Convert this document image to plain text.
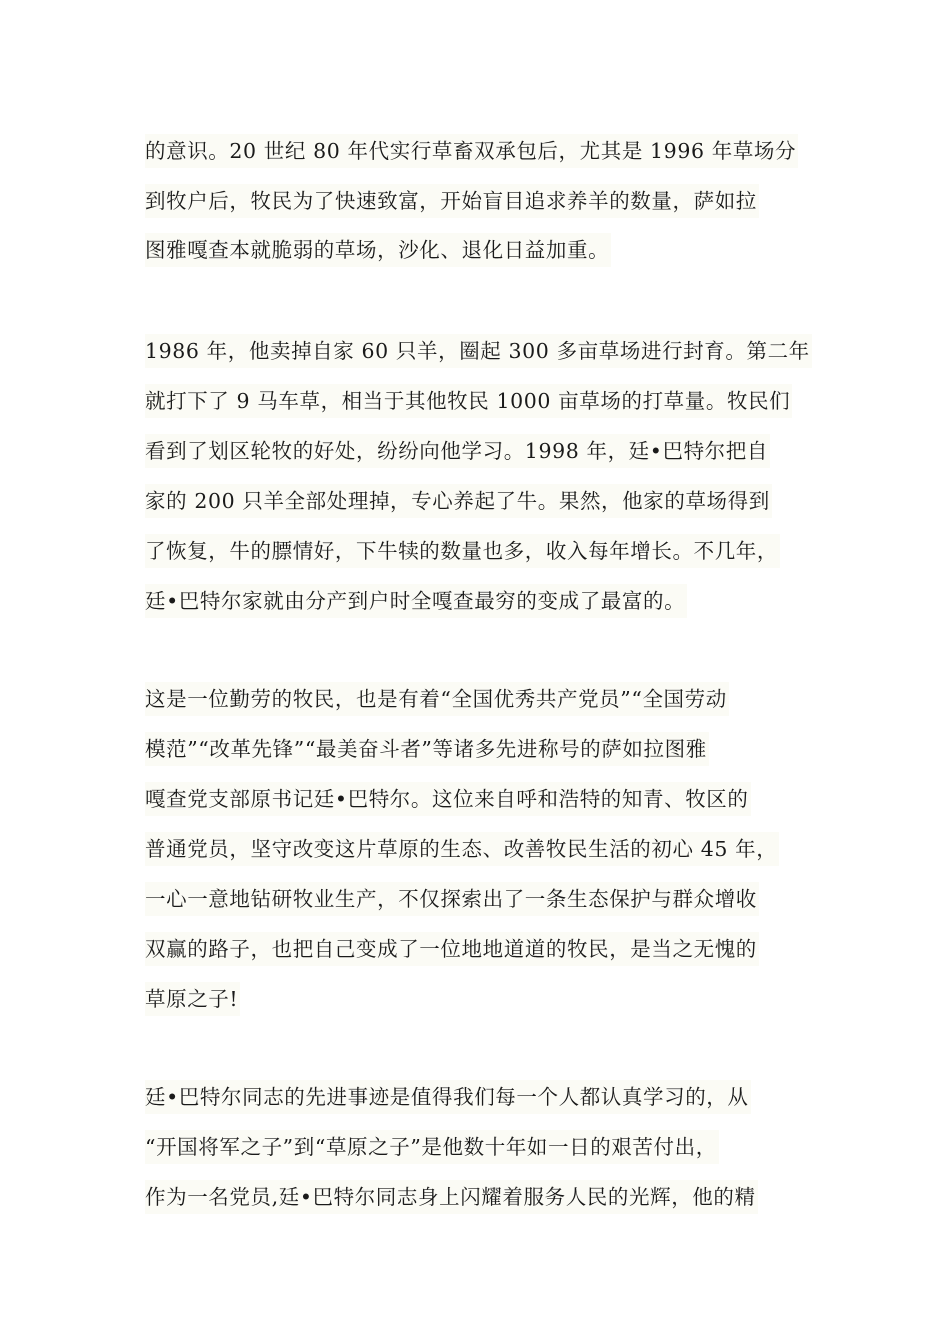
的意识。20 世纪 80 年代实行草畜双承包后，尤其是 1996 年草场分
到牧户后，牧民为了快速致富，开始盲目追求养羊的数量，萨如拉
图雅嘎查本就脆弱的草场，沙化、退化日益加重。
1986 年，他卖掉自家 60 只羊，圈起 300 多亩草场进行封育。第二年
就打下了 9 马车草，相当于其他牧民 1000 亩草场的打草量。牧民们
看到了划区轮牧的好处，纷纷向他学习。1998 年，廷•巴特尔把自
家的 200 只羊全部处理掉，专心养起了牛。果然，他家的草场得到
了恢复，牛的膘情好，下牛犊的数量也多，收入每年增长。不几年，
廷•巴特尔家就由分产到户时全嘎查最穷的变成了最富的。
这是一位勤劳的牧民，也是有着“全国优秀共产党员”“全国劳动
模范”“改革先锋”“最美奋斗者”等诸多先进称号的萨如拉图雅
嘎查党支部原书记廷•巴特尔。这位来自呼和浩特的知青、牧区的
普通党员，坚守改变这片草原的生态、改善牧民生活的初心 45 年，
一心一意地钻研牧业生产，不仅探索出了一条生态保护与群众增收
双赢的路子，也把自己变成了一位地地道道的牧民，是当之无愧的
草原之子!
廷•巴特尔同志的先进事迹是值得我们每一个人都认真学习的，从
“开国将军之子”到“草原之子”是他数十年如一日的艰苦付出，
作为一名党员,廷•巴特尔同志身上闪耀着服务人民的光辉，他的精
